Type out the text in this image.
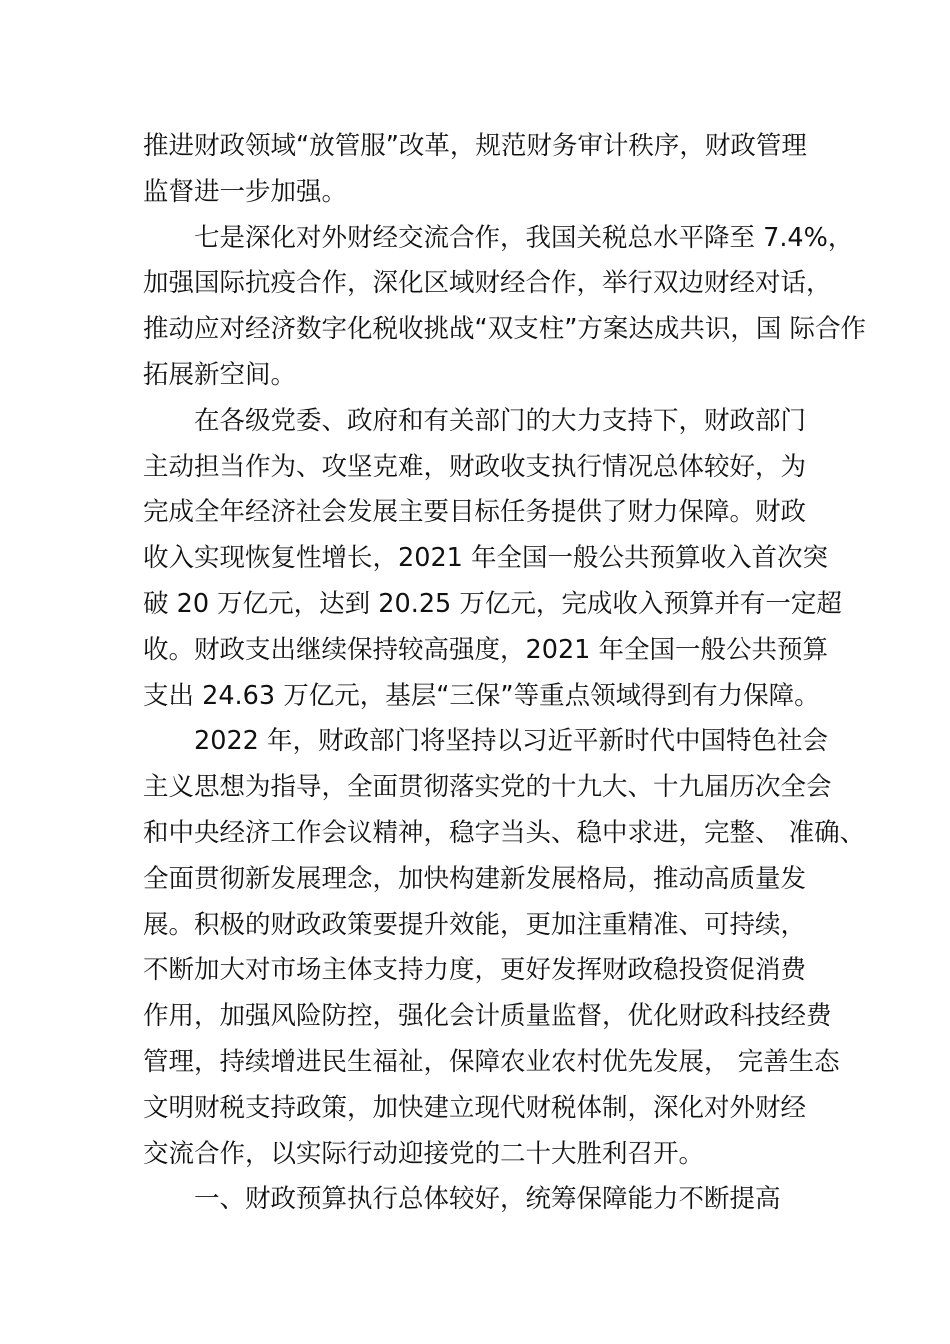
推进财政领域“放管服”改革，规范财务审计秩序，财政管理
监督进一步加强。
七是深化对外财经交流合作，我国关税总水平降至 7.4%，
加强国际抗疫合作，深化区域财经合作，举行双边财经对话，
推动应对经济数字化税收挑战“双支柱”方案达成共识，国 际合作
拓展新空间。
在各级党委、政府和有关部门的大力支持下，财政部门
主动担当作为、攻坚克难，财政收支执行情况总体较好，为
完成全年经济社会发展主要目标任务提供了财力保障。财政
收入实现恢复性增长，2021 年全国一般公共预算收入首次突
破 20 万亿元，达到 20.25 万亿元，完成收入预算并有一定超
收。财政支出继续保持较高强度，2021 年全国一般公共预算
支出 24.63 万亿元，基层“三保”等重点领域得到有力保障。
2022 年，财政部门将坚持以习近平新时代中国特色社会
主义思想为指导，全面贯彻落实党的十九大、十九届历次全会
和中央经济工作会议精神，稳字当头、稳中求进，完整、 准确、
全面贯彻新发展理念，加快构建新发展格局，推动高质量发
展。积极的财政政策要提升效能，更加注重精准、可持续，
不断加大对市场主体支持力度，更好发挥财政稳投资促消费
作用，加强风险防控，强化会计质量监督，优化财政科技经费
管理，持续增进民生福祉，保障农业农村优先发展， 完善生态
文明财税支持政策，加快建立现代财税体制，深化对外财经
交流合作，以实际行动迎接党的二十大胜利召开。
一、财政预算执行总体较好，统筹保障能力不断提高
